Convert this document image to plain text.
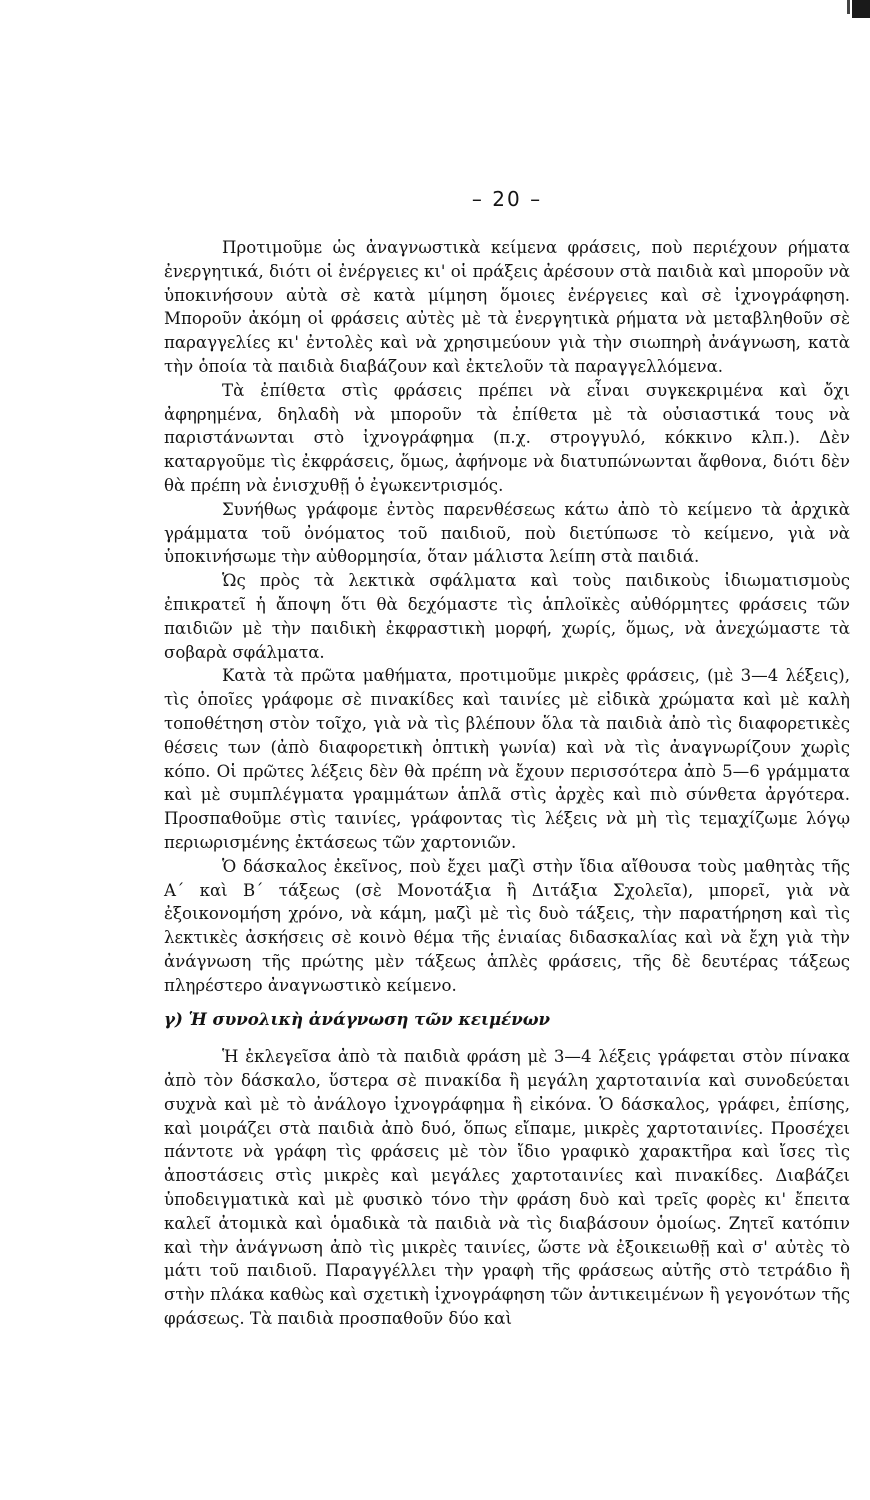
– 20 –

Προτιμοῦμε ὡς ἀναγνωστικὰ κείμενα φράσεις, ποὺ περιέχουν ρήματα ἐνεργητικά, διότι οἱ ἐνέργειες κι' οἱ πράξεις ἀρέσουν στὰ παιδιὰ καὶ μποροῦν νὰ ὑποκινήσουν αὐτὰ σὲ κατὰ μίμηση ὅμοιες ἐνέργειες καὶ σὲ ἰχνογράφηση. Μποροῦν ἀκόμη οἱ φράσεις αὐτὲς μὲ τὰ ἐνεργητικὰ ρήματα νὰ μεταβληθοῦν σὲ παραγγελίες κι' ἐντολὲς καὶ νὰ χρησιμεύουν γιὰ τὴν σιωπηρὴ ἀνάγνωση, κατὰ τὴν ὁποία τὰ παιδιὰ διαβάζουν καὶ ἐκτελοῦν τὰ παραγγελλόμενα.

Τὰ ἐπίθετα στὶς φράσεις πρέπει νὰ εἶναι συγκεκριμένα καὶ ὄχι ἀφηρημένα, δηλαδὴ νὰ μποροῦν τὰ ἐπίθετα μὲ τὰ οὐσιαστικά τους νὰ παριστάνωνται στὸ ἰχνογράφημα (π.χ. στρογγυλό, κόκκινο κλπ.). Δὲν καταργοῦμε τὶς ἐκφράσεις, ὅμως, ἀφήνομε νὰ διατυπώνωνται ἄφθονα, διότι δὲν θὰ πρέπη νὰ ἐνισχυθῇ ὁ ἐγωκεντρισμός.

Συνήθως γράφομε ἐντὸς παρενθέσεως κάτω ἀπὸ τὸ κείμενο τὰ ἀρχικὰ γράμματα τοῦ ὀνόματος τοῦ παιδιοῦ, ποὺ διετύπωσε τὸ κείμενο, γιὰ νὰ ὑποκινήσωμε τὴν αὐθορμησία, ὅταν μάλιστα λείπη στὰ παιδιά.

Ὡς πρὸς τὰ λεκτικὰ σφάλματα καὶ τοὺς παιδικοὺς ἰδιωματισμοὺς ἐπικρατεῖ ἡ ἄποψη ὅτι θὰ δεχόμαστε τὶς ἁπλοϊκὲς αὐθόρμητες φράσεις τῶν παιδιῶν μὲ τὴν παιδικὴ ἐκφραστικὴ μορφή, χωρίς, ὅμως, νὰ ἀνεχώμαστε τὰ σοβαρὰ σφάλματα.

Κατὰ τὰ πρῶτα μαθήματα, προτιμοῦμε μικρὲς φράσεις, (μὲ 3—4 λέξεις), τὶς ὁποῖες γράφομε σὲ πινακίδες καὶ ταινίες μὲ εἰδικὰ χρώματα καὶ μὲ καλὴ τοποθέτηση στὸν τοῖχο, γιὰ νὰ τὶς βλέπουν ὅλα τὰ παιδιὰ ἀπὸ τὶς διαφορετικὲς θέσεις των (ἀπὸ διαφορετικὴ ὀπτικὴ γωνία) καὶ νὰ τὶς ἀναγνωρίζουν χωρὶς κόπο. Οἱ πρῶτες λέξεις δὲν θὰ πρέπη νὰ ἔχουν περισσότερα ἀπὸ 5—6 γράμματα καὶ μὲ συμπλέγματα γραμμάτων ἁπλᾶ στὶς ἀρχὲς καὶ πιὸ σύνθετα ἀργότερα. Προσπαθοῦμε στὶς ταινίες, γράφοντας τὶς λέξεις νὰ μὴ τὶς τεμαχίζωμε λόγῳ περιωρισμένης ἐκτάσεως τῶν χαρτονιῶν.

Ὁ δάσκαλος ἐκεῖνος, ποὺ ἔχει μαζὶ στὴν ἴδια αἴθουσα τοὺς μαθητὰς τῆς Α΄ καὶ Β΄ τάξεως (σὲ Μονοτάξια ἢ Διτάξια Σχολεῖα), μπορεῖ, γιὰ νὰ ἐξοικονομήση χρόνο, νὰ κάμη, μαζὶ μὲ τὶς δυὸ τάξεις, τὴν παρατήρηση καὶ τὶς λεκτικὲς ἀσκήσεις σὲ κοινὸ θέμα τῆς ἑνιαίας διδασκαλίας καὶ νὰ ἔχη γιὰ τὴν ἀνάγνωση τῆς πρώτης μὲν τάξεως ἁπλὲς φράσεις, τῆς δὲ δευτέρας τάξεως πληρέστερο ἀναγνωστικὸ κείμενο.

γ) Ἡ συνολικὴ ἀνάγνωση τῶν κειμένων

Ἡ ἐκλεγεῖσα ἀπὸ τὰ παιδιὰ φράση μὲ 3—4 λέξεις γράφεται στὸν πίνακα ἀπὸ τὸν δάσκαλο, ὕστερα σὲ πινακίδα ἢ μεγάλη χαρτοταινία καὶ συνοδεύεται συχνὰ καὶ μὲ τὸ ἀνάλογο ἰχνογράφημα ἢ εἰκόνα. Ὁ δάσκαλος, γράφει, ἐπίσης, καὶ μοιράζει στὰ παιδιὰ ἀπὸ δυό, ὅπως εἴπαμε, μικρὲς χαρτοταινίες. Προσέχει πάντοτε νὰ γράφη τὶς φράσεις μὲ τὸν ἴδιο γραφικὸ χαρακτῆρα καὶ ἴσες τὶς ἀποστάσεις στὶς μικρὲς καὶ μεγάλες χαρτοταινίες καὶ πινακίδες. Διαβάζει ὑποδειγματικὰ καὶ μὲ φυσικὸ τόνο τὴν φράση δυὸ καὶ τρεῖς φορὲς κι' ἔπειτα καλεῖ ἀτομικὰ καὶ ὁμαδικὰ τὰ παιδιὰ νὰ τὶς διαβάσουν ὁμοίως. Ζητεῖ κατόπιν καὶ τὴν ἀνάγνωση ἀπὸ τὶς μικρὲς ταινίες, ὥστε νὰ ἐξοικειωθῇ καὶ σ' αὐτὲς τὸ μάτι τοῦ παιδιοῦ. Παραγγέλλει τὴν γραφὴ τῆς φράσεως αὐτῆς στὸ τετράδιο ἢ στὴν πλάκα καθὼς καὶ σχετικὴ ἰχνογράφηση τῶν ἀντικειμένων ἢ γεγονότων τῆς φράσεως. Τὰ παιδιὰ προσπαθοῦν δύο καὶ
